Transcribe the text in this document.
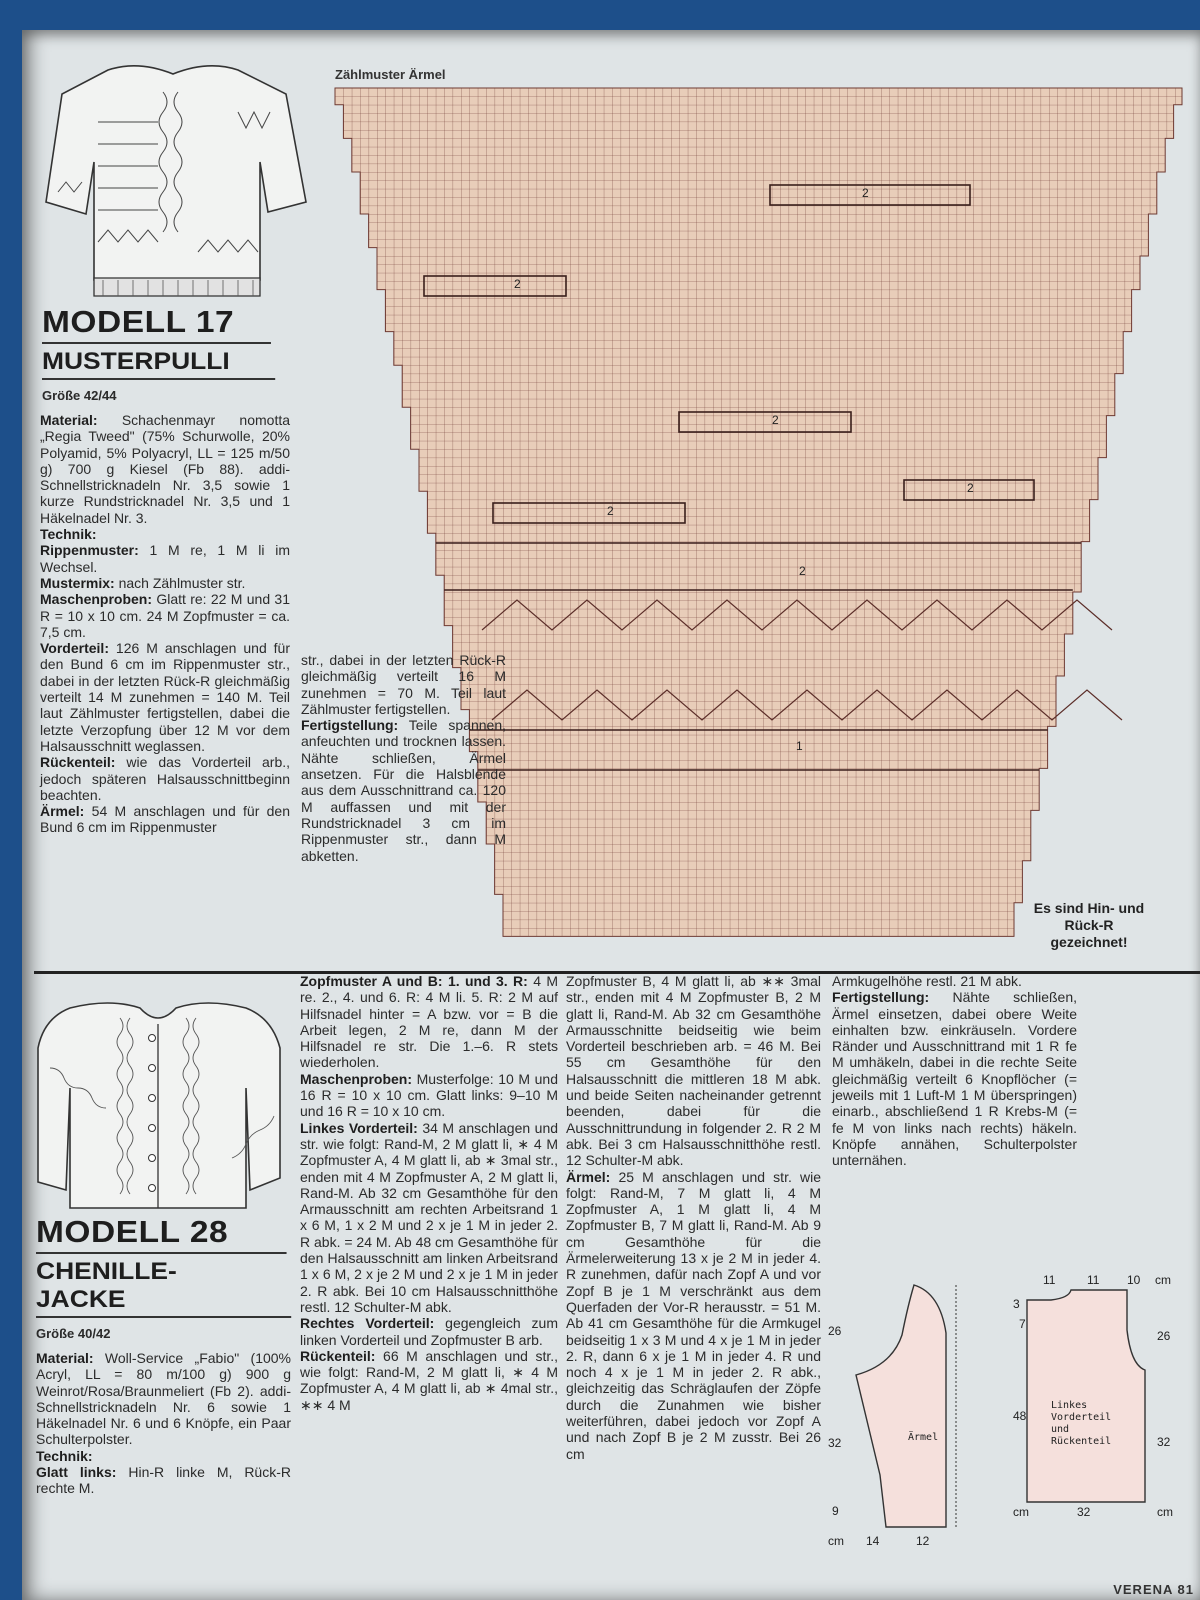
MODELL 17
MUSTERPULLI
Größe 42/44

Material: Schachenmayr nomotta „Regia Tweed" (75% Schurwolle, 20% Polyamid, 5% Polyacryl, LL = 125 m/50 g) 700 g Kiesel (Fb 88). addi-Schnellstricknadeln Nr. 3,5 sowie 1 kurze Rundstricknadel Nr. 3,5 und 1 Häkelnadel Nr. 3.

Technik:

Rippenmuster: 1 M re, 1 M li im Wechsel.

Mustermix: nach Zählmuster str.

Maschenproben: Glatt re: 22 M und 31 R = 10 x 10 cm. 24 M Zopfmuster = ca. 7,5 cm.

Vorderteil: 126 M anschlagen und für den Bund 6 cm im Rippenmuster str., dabei in der letzten Rück-R gleichmäßig verteilt 14 M zunehmen = 140 M. Teil laut Zählmuster fertigstellen, dabei die letzte Verzopfung über 12 M vor dem Halsausschnitt weglassen.

Rückenteil: wie das Vorderteil arb., jedoch späteren Halsausschnittbeginn beachten.

Ärmel: 54 M anschlagen und für den Bund 6 cm im Rippenmuster

Zählmuster Ärmel
2
2
2
2
2
2
1

str., dabei in der letzten Rück-R gleichmäßig verteilt 16 M zunehmen = 70 M. Teil laut Zählmuster fertigstellen.

Fertigstellung: Teile spannen, anfeuchten und trocknen lassen. Nähte schließen, Ärmel ansetzen. Für die Halsblende aus dem Ausschnittrand ca. 120 M auffassen und mit der Rundstricknadel 3 cm im Rippenmuster str., dann M abketten.

Es sind Hin- und Rück-R gezeichnet!
MODELL 28
CHENILLE-
JACKE
Größe 40/42

Material: Woll-Service „Fabio" (100% Acryl, LL = 80 m/100 g) 900 g Weinrot/Rosa/Braunmeliert (Fb 2). addi-Schnellstricknadeln Nr. 6 sowie 1 Häkelnadel Nr. 6 und 6 Knöpfe, ein Paar Schulterpolster.

Technik:

Glatt links: Hin-R linke M, Rück-R rechte M.

Zopfmuster A und B: 1. und 3. R: 4 M re. 2., 4. und 6. R: 4 M li. 5. R: 2 M auf Hilfsnadel hinter = A bzw. vor = B die Arbeit legen, 2 M re, dann M der Hilfsnadel re str. Die 1.–6. R stets wiederholen.

Maschenproben: Musterfolge: 10 M und 16 R = 10 x 10 cm. Glatt links: 9–10 M und 16 R = 10 x 10 cm.

Linkes Vorderteil: 34 M anschlagen und str. wie folgt: Rand-M, 2 M glatt li, ∗ 4 M Zopfmuster A, 4 M glatt li, ab ∗ 3mal str., enden mit 4 M Zopfmuster A, 2 M glatt li, Rand-M. Ab 32 cm Gesamthöhe für den Armausschnitt am rechten Arbeitsrand 1 x 6 M, 1 x 2 M und 2 x je 1 M in jeder 2. R abk. = 24 M. Ab 48 cm Gesamthöhe für den Halsausschnitt am linken Arbeitsrand 1 x 6 M, 2 x je 2 M und 2 x je 1 M in jeder 2. R abk. Bei 10 cm Halsausschnitthöhe restl. 12 Schulter-M abk.

Rechtes Vorderteil: gegengleich zum linken Vorderteil und Zopfmuster B arb.

Rückenteil: 66 M anschlagen und str., wie folgt: Rand-M, 2 M glatt li, ∗ 4 M Zopfmuster A, 4 M glatt li, ab ∗ 4mal str., ∗∗ 4 M

Zopfmuster B, 4 M glatt li, ab ∗∗ 3mal str., enden mit 4 M Zopfmuster B, 2 M glatt li, Rand-M. Ab 32 cm Gesamthöhe Armausschnitte beidseitig wie beim Vorderteil beschrieben arb. = 46 M. Bei 55 cm Gesamthöhe für den Halsausschnitt die mittleren 18 M abk. und beide Seiten nacheinander getrennt beenden, dabei für die Ausschnittrundung in folgender 2. R 2 M abk. Bei 3 cm Halsausschnitthöhe restl. 12 Schulter-M abk.

Ärmel: 25 M anschlagen und str. wie folgt: Rand-M, 7 M glatt li, 4 M Zopfmuster A, 1 M glatt li, 4 M Zopfmuster B, 7 M glatt li, Rand-M. Ab 9 cm Gesamthöhe für die Ärmelerweiterung 13 x je 2 M in jeder 4. R zunehmen, dafür nach Zopf A und vor Zopf B je 1 M verschränkt aus dem Querfaden der Vor-R herausstr. = 51 M. Ab 41 cm Gesamthöhe für die Armkugel beidseitig 1 x 3 M und 4 x je 1 M in jeder 2. R, dann 6 x je 1 M in jeder 4. R und noch 4 x je 1 M in jeder 2. R abk., gleichzeitig das Schräglaufen der Zöpfe durch die Zunahmen wie bisher weiterführen, dabei jedoch vor Zopf A und nach Zopf B je 2 M zusstr. Bei 26 cm

Armkugelhöhe restl. 21 M abk.

Fertigstellung: Nähte schließen, Ärmel einsetzen, dabei obere Weite einhalten bzw. einkräuseln. Vordere Ränder und Ausschnittrand mit 1 R fe M umhäkeln, dabei in die rechte Seite gleichmäßig verteilt 6 Knopflöcher (= jeweils mit 1 Luft-M 1 M überspringen) einarb., abschließend 1 R Krebs-M (= fe M von links nach rechts) häkeln. Knöpfe annähen, Schulterpolster unternähen.

Ärmel
26
32
9
cm 14	12
11	11 10 cm
3
7
48
cm
26
32
cm
32
Linkes
Vorderteil
und
Rückenteil
VERENA 81
